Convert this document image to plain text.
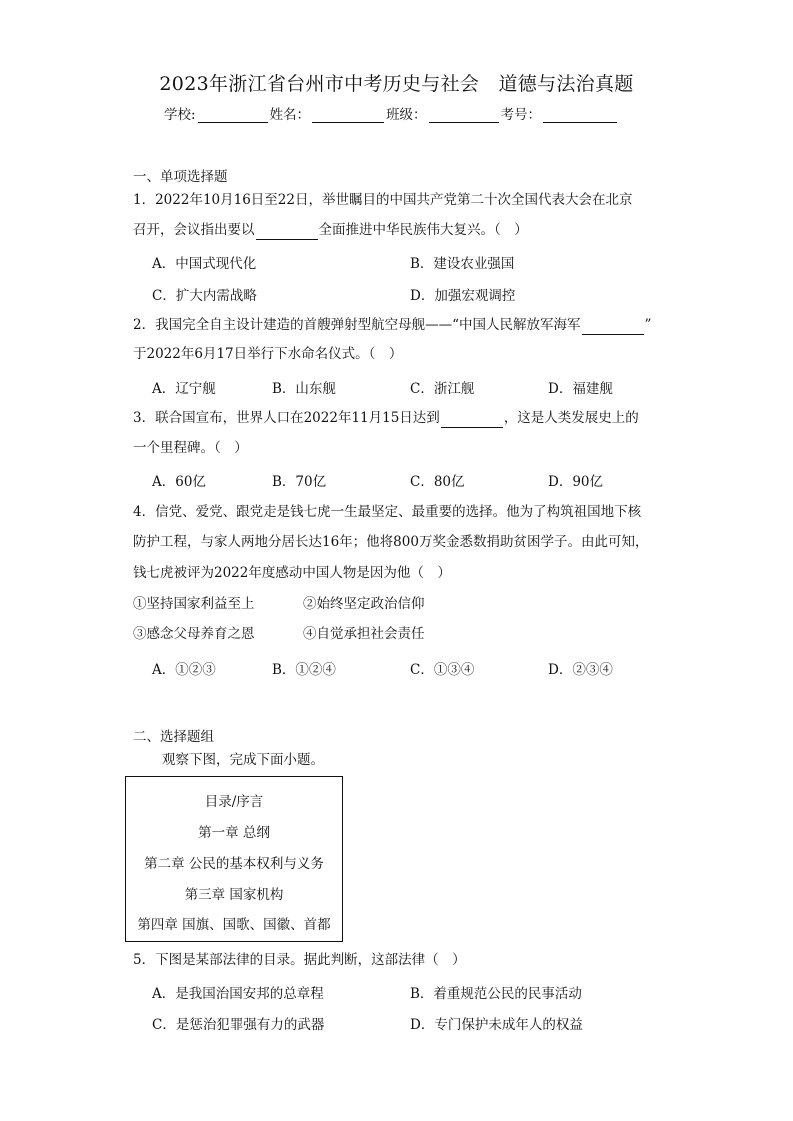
2023年浙江省台州市中考历史与社会　道德与法治真题
学校:	姓名：	班级：	考号：
一、单项选择题
1．2022年10月16日至22日，举世瞩目的中国共产党第二十次全国代表大会在北京
召开，会议指出要以	全面推进中华民族伟大复兴。（　）
A．中国式现代化	B．建设农业强国
C．扩大内需战略	D．加强宏观调控
2．我国完全自主设计建造的首艘弹射型航空母舰——“中国人民解放军海军	”
于2022年6月17日举行下水命名仪式。（　）
A．辽宁舰	B．山东舰	C．浙江舰	D．福建舰
3．联合国宣布，世界人口在2022年11月15日达到	，这是人类发展史上的
一个里程碑。（　）
A．60亿	B．70亿	C．80亿	D．90亿
4．信党、爱党、跟党走是钱七虎一生最坚定、最重要的选择。他为了构筑祖国地下核
防护工程，与家人两地分居长达16年；他将800万奖金悉数捐助贫困学子。由此可知，
钱七虎被评为2022年度感动中国人物是因为他（　）
①坚持国家利益至上	②始终坚定政治信仰
③感念父母养育之恩	④自觉承担社会责任
A．①②③	B．①②④	C．①③④	D．②③④
二、选择题组
观察下图，完成下面小题。
目录/序言
第一章 总纲
第二章 公民的基本权利与义务
第三章 国家机构
第四章 国旗、国歌、国徽、首都
5．下图是某部法律的目录。据此判断，这部法律（　）
A．是我国治国安邦的总章程	B．着重规范公民的民事活动
C．是惩治犯罪强有力的武器	D．专门保护未成年人的权益
